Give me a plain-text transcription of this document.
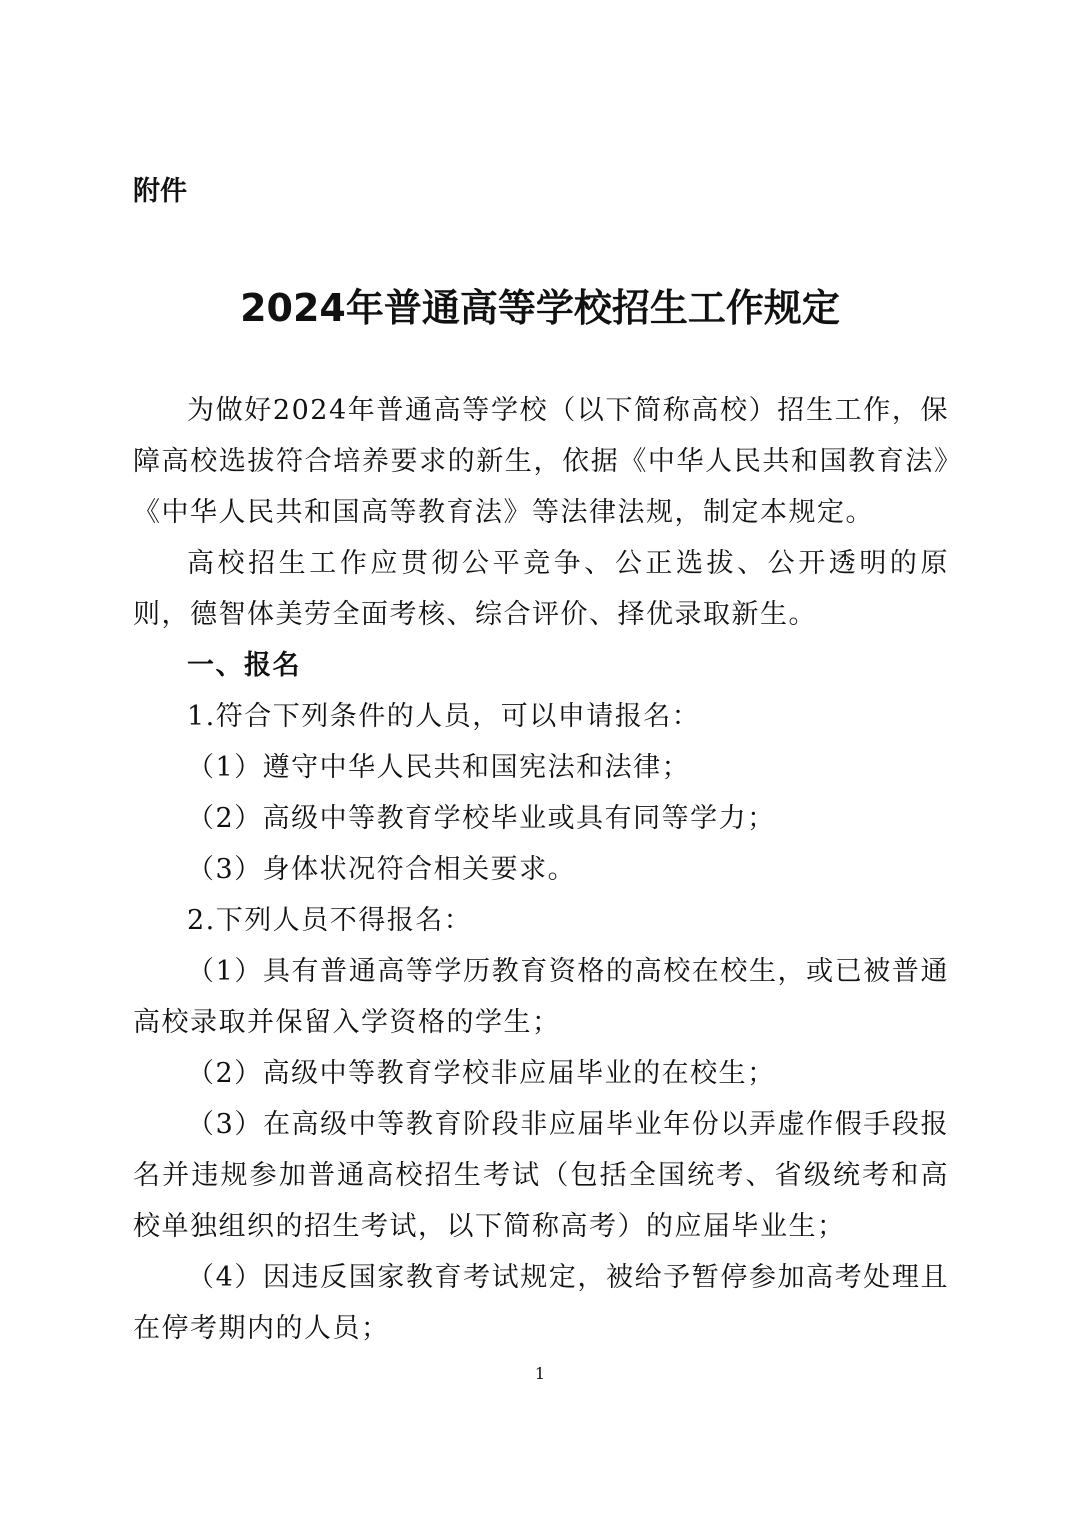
附件
2024年普通高等学校招生工作规定

为做好2024年普通高等学校（以下简称高校）招生工作，保障高校选拔符合培养要求的新生，依据《中华人民共和国教育法》《中华人民共和国高等教育法》等法律法规，制定本规定。

高校招生工作应贯彻公平竞争、公正选拔、公开透明的原则，德智体美劳全面考核、综合评价、择优录取新生。

一、报名

1.符合下列条件的人员，可以申请报名：

（1）遵守中华人民共和国宪法和法律；

（2）高级中等教育学校毕业或具有同等学力；

（3）身体状况符合相关要求。

2.下列人员不得报名：

（1）具有普通高等学历教育资格的高校在校生，或已被普通高校录取并保留入学资格的学生；

（2）高级中等教育学校非应届毕业的在校生；

（3）在高级中等教育阶段非应届毕业年份以弄虚作假手段报名并违规参加普通高校招生考试（包括全国统考、省级统考和高校单独组织的招生考试，以下简称高考）的应届毕业生；

（4）因违反国家教育考试规定，被给予暂停参加高考处理且在停考期内的人员；

1
